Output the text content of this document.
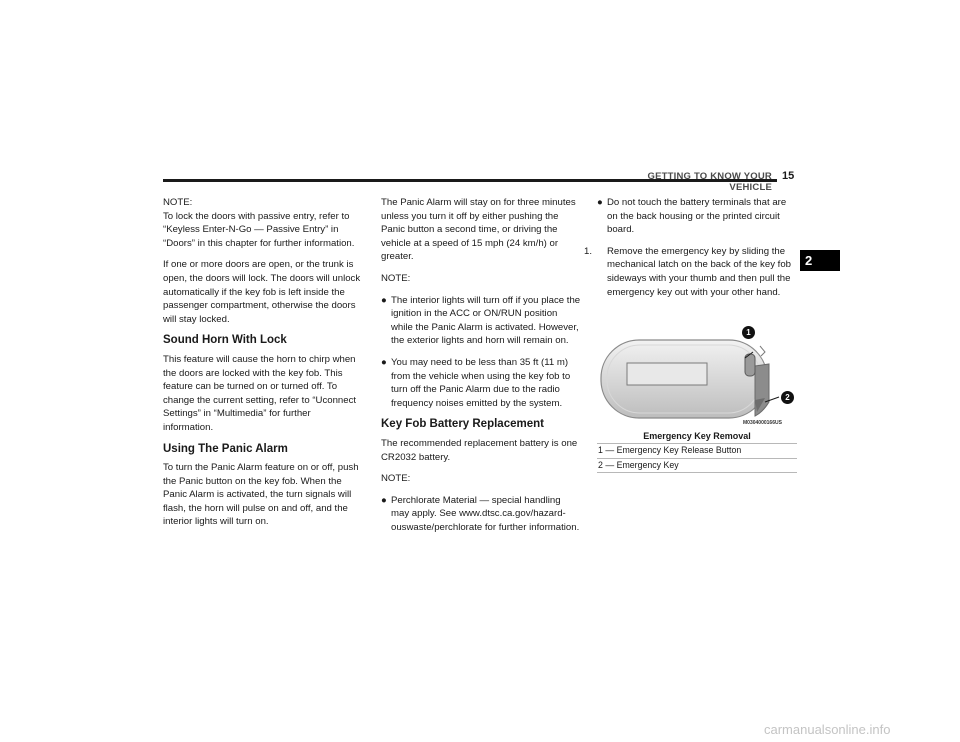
GETTING TO KNOW YOUR VEHICLE
15
2

NOTE:

To lock the doors with passive entry, refer to “Keyless Enter-N-Go — Passive Entry” in “Doors” in this chapter for further information.

If one or more doors are open, or the trunk is open, the doors will lock. The doors will unlock automatically if the key fob is left inside the passenger compartment, otherwise the doors will stay locked.

Sound Horn With Lock

This feature will cause the horn to chirp when the doors are locked with the key fob. This feature can be turned on or turned off. To change the current setting, refer to “Uconnect Settings” in “Multimedia” for further information.

Using The Panic Alarm

To turn the Panic Alarm feature on or off, push the Panic button on the key fob. When the Panic Alarm is activated, the turn signals will flash, the horn will pulse on and off, and the interior lights will turn on.

The Panic Alarm will stay on for three minutes unless you turn it off by either pushing the Panic button a second time, or driving the vehicle at a speed of 15 mph (24 km/h) or greater.

NOTE:

● The interior lights will turn off if you place the ignition in the ACC or ON/RUN position while the Panic Alarm is activated. However, the exterior lights and horn will remain on.
● You may need to be less than 35 ft (11 m) from the vehicle when using the key fob to turn off the Panic Alarm due to the radio frequency noises emitted by the system.
Key Fob Battery Replacement

The recommended replacement battery is one CR2032 battery.

NOTE:

● Perchlorate Material — special handling may apply. See www.dtsc.ca.gov/hazard-ouswaste/perchlorate for further information.
● Do not touch the battery terminals that are on the back housing or the printed circuit board.
1. Remove the emergency key by sliding the mechanical latch on the back of the key fob sideways with your thumb and then pull the emergency key out with your other hand.
1
2
M0304000166US
Emergency Key Removal
1 — Emergency Key Release Button
2 — Emergency Key
carmanualsonline.info
